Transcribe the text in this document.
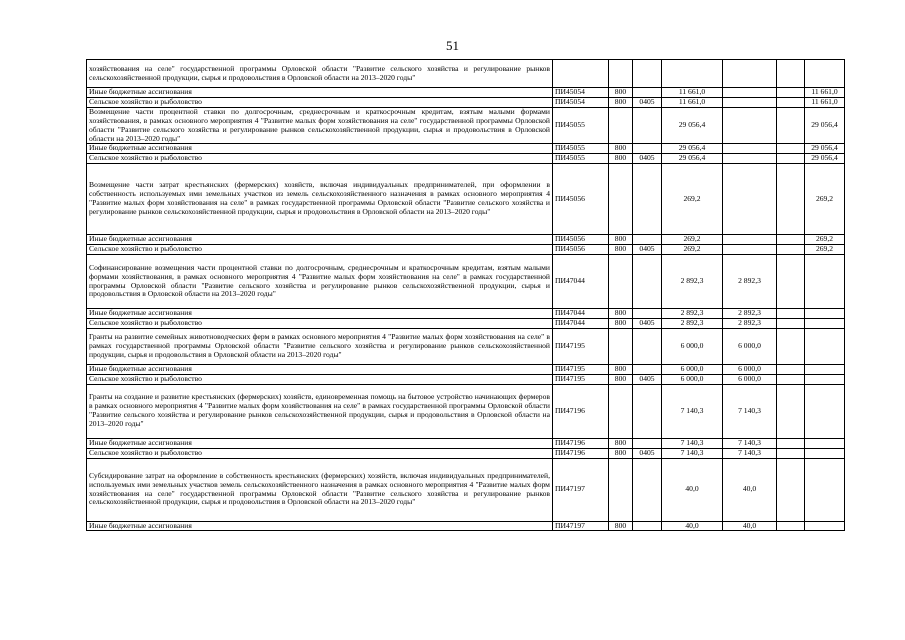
51
хозяйствования на селе" государственной программы Орловской области "Развитие сельского хозяйства и регулирование рынков сельскохозяйственной продукции, сырья и продовольствия в Орловской области на 2013–2020 годы"							
Иные бюджетные ассигнования	ПИ45054	800		11 661,0			11 661,0
Сельское хозяйство и рыболовство	ПИ45054	800	0405	11 661,0			11 661,0
Возмещение части процентной ставки по долгосрочным, среднесрочным и краткосрочным кредитам, взятым малыми формами хозяйствования, в рамках основного мероприятия 4 "Развитие малых форм хозяйствования на селе" государственной программы Орловской области "Развитие сельского хозяйства и регулирование рынков сельскохозяйственной продукции, сырья и продовольствия в Орловской области на 2013–2020 годы"	ПИ45055			29 056,4			29 056,4
Иные бюджетные ассигнования	ПИ45055	800		29 056,4			29 056,4
Сельское хозяйство и рыболовство	ПИ45055	800	0405	29 056,4			29 056,4
Возмещение части затрат крестьянских (фермерских) хозяйств, включая индивидуальных предпринимателей, при оформлении в собственность используемых ими земельных участков из земель сельскохозяйственного назначения в рамках основного мероприятия 4 "Развитие малых форм хозяйствования на селе" в рамках государственной программы Орловской области "Развитие сельского хозяйства и регулирование рынков сельскохозяйственной продукции, сырья и продовольствия в Орловской области на 2013–2020 годы"	ПИ45056			269,2			269,2
Иные бюджетные ассигнования	ПИ45056	800		269,2			269,2
Сельское хозяйство и рыболовство	ПИ45056	800	0405	269,2			269,2
Софинансирование возмещения части процентной ставки по долгосрочным, среднесрочным и краткосрочным кредитам, взятым малыми формами хозяйствования, в рамках основного мероприятия 4 "Развитие малых форм хозяйствования на селе" в рамках государственной программы Орловской области "Развитие сельского хозяйства и регулирование рынков сельскохозяйственной продукции, сырья и продовольствия в Орловской области на 2013–2020 годы"	ПИ47044			2 892,3	2 892,3		
Иные бюджетные ассигнования	ПИ47044	800		2 892,3	2 892,3		
Сельское хозяйство и рыболовство	ПИ47044	800	0405	2 892,3	2 892,3		
Гранты на развитие семейных животноводческих ферм в рамках основного мероприятия 4 "Развитие малых форм хозяйствования на селе" в рамках государственной программы Орловской области "Развитие сельского хозяйства и регулирование рынков сельскохозяйственной продукции, сырья и продовольствия в Орловской области на 2013–2020 годы"	ПИ47195			6 000,0	6 000,0		
Иные бюджетные ассигнования	ПИ47195	800		6 000,0	6 000,0		
Сельское хозяйство и рыболовство	ПИ47195	800	0405	6 000,0	6 000,0		
Гранты на создание и развитие крестьянских (фермерских) хозяйств, единовременная помощь на бытовое устройство начинающих фермеров в рамках основного мероприятия 4 "Развитие малых форм хозяйствования на селе" в рамках государственной программы Орловской области "Развитие сельского хозяйства и регулирование рынков сельскохозяйственной продукции, сырья и продовольствия в Орловской области на 2013–2020 годы"	ПИ47196			7 140,3	7 140,3		
Иные бюджетные ассигнования	ПИ47196	800		7 140,3	7 140,3		
Сельское хозяйство и рыболовство	ПИ47196	800	0405	7 140,3	7 140,3		
Субсидирование затрат на оформление в собственность крестьянских (фермерских) хозяйств, включая индивидуальных предпринимателей, используемых ими земельных участков земель сельскохозяйственного назначения в рамках основного мероприятия 4 "Развитие малых форм хозяйствования на селе" государственной программы Орловской области "Развитие сельского хозяйства и регулирование рынков сельскохозяйственной продукции, сырья и продовольствия в Орловской области на 2013–2020 годы"	ПИ47197			40,0	40,0		
Иные бюджетные ассигнования	ПИ47197	800		40,0	40,0		
